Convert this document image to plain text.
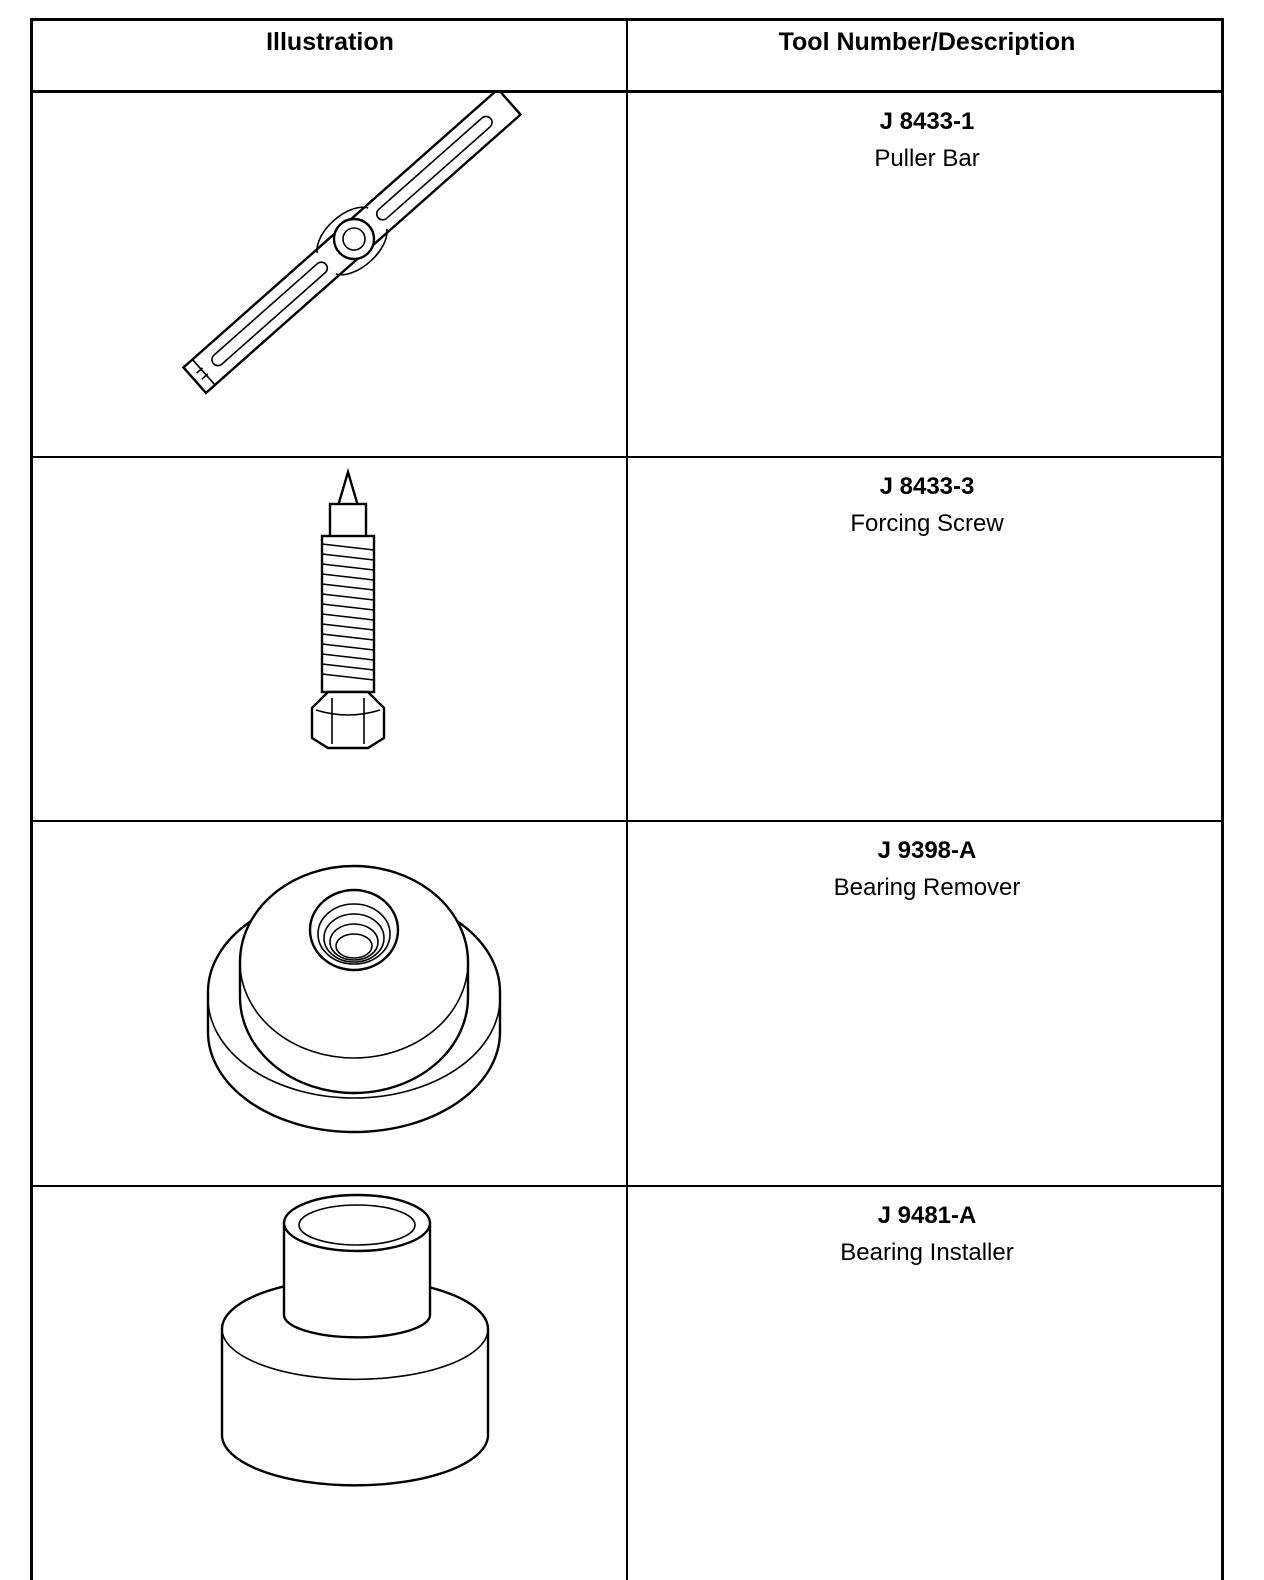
Illustration	Tool Number/Description
J 8433-1
Puller Bar
J 8433-3
Forcing Screw
J 9398-A
Bearing Remover
J 9481-A
Bearing Installer
